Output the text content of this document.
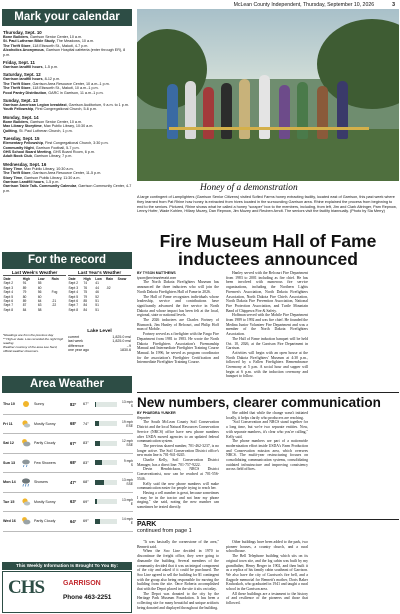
McLean County Independent, Thursday, September 10, 2026	3
Mark your calendar
Thursday, Sept. 10
Bone Builders, Garrison Senior Center, 10 a.m.
St. Paul Lutheran Bible Study, The Meadows, 10 a.m.
The Thrift Store, 118 Ellsworth St., Makoti, 4-7 p.m.
Alcoholics Anonymous, Garrison Hospital cafeteria (enter through ER), 8 p.m.
Friday, Sept. 11
Garrison landfill hours, 1-5 p.m.
Saturday, Sept. 12
Garrison landfill hours, 8-12 p.m.
The Thrift Store, Garrison Area Resource Center, 10 a.m.-1 p.m.
The Thrift Store, 118 Ellsworth St., Makoti, 10 a.m.-1 p.m.
Food Pantry Distribution, GARC in Garrison, 11 a.m.-1 p.m.
Sunday, Sept. 13
Garrison American Legion breakfast, Garrison Auditorium, 9 a.m. to 1 p.m.
Youth Fellowship, First Congregational Church, 5-6 p.m.
Monday, Sept. 14
Bone Builders, Garrison Senior Center, 10 a.m.
Max Library Storytime, Max Public Library, 10:30 a.m.
Quilting, St. Paul Lutheran Church, 1 p.m.
Tuesday, Sept. 15
Elementary Fellowship, First Congregational Church, 3:30 p.m.
Community Night, Garrison Football, 5-7 p.m.
GHS School Board Meeting, GHS Board Room, 6 p.m.
Adult Book Club, Garrison Library, 7 p.m.
Wednesday, Sept. 16
Story Time, Max Public Library, 10:30 a.m.
The Thrift Store, Garrison Area Resource Center, 11-5 p.m.
Story Time, Garrison Public Library, 11:30 a.m.
Garrison Landfill hours, 1-5 p.m.
Garrison Table Talk- Community Calendar, Garrison Community Center, 4-7 p.m.
For the record
Last Week's Weather
Date	High	Low	Rain
Sept 2	91	55	
Sept 3	89	60	
Sept 4	79	56	Fog
Sept 5	80	60	
Sept 6	89	64	.21
Sept 7	87	63	.22
Sept 8	84	58	
Last Year's Weather
Date	High	Low	Rain	Snow
Sept 2	74	41		
Sept 3	76	44	.02	
Sept 4	75	46		
Sept 5	79	52		
Sept 6	85	51		
Sept 7	84	51		
Sept 8	84	51		
*Readings are from the previous day
** High-er date. Low recorded the night high reading.
Weather courtesy of the area Lee Nerd, official weather observers.
Lake Level
current	1,825.0 msl
last week	1,825.0 msl
difference	-.9
one year ago	1830.6
Area Weather
Thu 10	Sunny	82°	67°	13 mph
S
Fri 11	Mostly Sunny	68°	74°	19 mph
ESE
Sat 12	Partly Cloudy	67°	83°	12 mph
SSE
Sun 13	Few Showers	68°	83°	9 mph
S
Mon 14	Showers	47°	68°	13 mph
SSE
Tue 15	Mostly Sunny	63°	69°	13 mph
E
Wed 16	Partly Cloudy	64°	69°	14 mph
E
This Weekly Information Is Brought To You By:
CHS	GARRISON
Phone 463-2251
Honey of a demonstration
A large contingent of Lamplighters (Garrison Senior Citizens) visited Sofied Farms honey extracting facility, located east of Garrison, this past week where they learned from Pat Rhine how honey is extracted from hives located in the surrounding Garrison area. Rhine explained the process from beginning to end to the seniors. Pictured, Rhine shows what he called a honey "scraper" box to the members, including, from left, Jim and Clark Altringer, Pam Repnow, Lenny Hofer, Wade Kohlen, Hillary Muzey, Dan Repnow, Jim Muzey and Reuben Arndt. The seniors visit the facility biannually. (Photo by Sia Merry)
Fire Museum Hall of Fame inductees announced

BY TYSON MATTHEWS

tyson@mcleanherald.com

The North Dakota Firefighters Museum has announced the three inductees who will join the North Dakota Firefighters Hall of Fame in 2026.

The Hall of Fame recognizes individuals whose leadership, service and contributions have significantly advanced the fire service in North Dakota and whose impact has been felt at the local, regional, state or national levels.

The 2026 inductees are Charles Fortney of Bismarck, Jim Hanley of Belcourt, and Philip Hoff man of Mobile.

Fortney served as a firefighter with the Fargo Fire Department from 1981 to 1983. He wrote the North Dakota Firefighters Association's Firemanship Manual and Intermediate Firefighter Training Course Manual. In 1996, he served as program coordinator for the association's Firefighter Certification and Intermediate Firefighter Training Course.

Hanley served with the Belcourt Fire Department from 1983 to 2001 including as fire chief. He has been involved with numerous fire service organizations, including the Northern Lights Firemen's Association, North Dakota Firefighters Association, North Dakota Fire Chiefs Association, North Dakota Fire Prevention Association, National Fire Protection Association, and Turtle Mountain Band of Chippewa Fire & Safety.

Hoffman served with the Mobile Fire Department from 1989 to 1992 and was fire chief. He founded the Medina Junior Volunteer Fire Department and was a member of the North Dakota Firefighters Association.

The Hall of Fame induction banquet will be held Oct. 10, 2026, at the Garrison Fire Department in Garrison.

Activities will begin with an open house at the North Dakota Firefighters' Museum at 4:30 p.m., followed by a Fallen Firefighters Remembrance Ceremony at 5 p.m. A social hour and supper will begin at 6 p.m. with the induction ceremony and banquet to follow.

New numbers, clearer communication

BY PHAEDRA YUNKER

Reporter

The South McLean County Soil Conservation District and the local Natural Resources Conservation Service (NRCS) office have new phone numbers after USDA moved agencies to an updated federal communication system.

The previous shared number, 701-462-3237, is no longer active. The Soil Conservation District office's new main line is 701-941-0245.

Charlie Kelly, Soil Conservation District Manager, has a direct line: 701-757-9222.

Devin Hendrickson, NRCS District Conservationist, now can be reached at 701-556-5546.

Kelly said the new phone numbers will make communication easier for people trying to reach her.

Having a cell number is great, because sometimes I may be in the tractor and not hear my phone ringing," she said, noting the new number can sometimes be texted directly.

She added that while the change wasn't initiated locally, it helps clarify who producers are reaching.

"Soil Conservation and NRCS stand together for a long time, but we're two separate entities. Now, with separate numbers, it's clear who you're calling," Kelly said.

The phone numbers are part of a nationwide modernization effort inside USDA's Farm Production and Conservation mission area, which oversees NRCS. The multi-year restructuring focuses on consolidating communication systems, consolidating outdated infrastructure and improving consistency across field offices.

PARK
continued from page 1

"It was basically the cornerstone of the area," Bennett said.

When the Soo Line decided in 1970 to discontinue the freight office, they were going to dismantle the building. Several members of the community decided that it was an integral component of the city and asked if it could be purchased. The Soo Line agreed to sell the building for $1 contingent with the group also being responsible for moving the building from the site. Once Roberta accomplished that with the Depot placed in the site it sits on today.

The Depot was donated to the city by the Heritage Park Museum Foundation. It has been a collecting site for many beautiful and unique artifacts being donated and displayed throughout the building.

Other buildings have been added to the park, two pioneer houses, a country church, and a rural schoolhouse.

The Bell Telephone building which sits on its original town site, and the log cabin was built by my grandfather, Henry Berger in 1902, and then built it as a replica of his family cabin southeast of Garrison. We also have the city of Garrison's fire bell, and a flagpole memorial for Bennett's mother, Doris Baker Kruhoskob, who graduated in 1941 and taught a rural school in the Garrison area.

All these buildings are a testament to the history of and resilience of the pioneers and those that followed.
